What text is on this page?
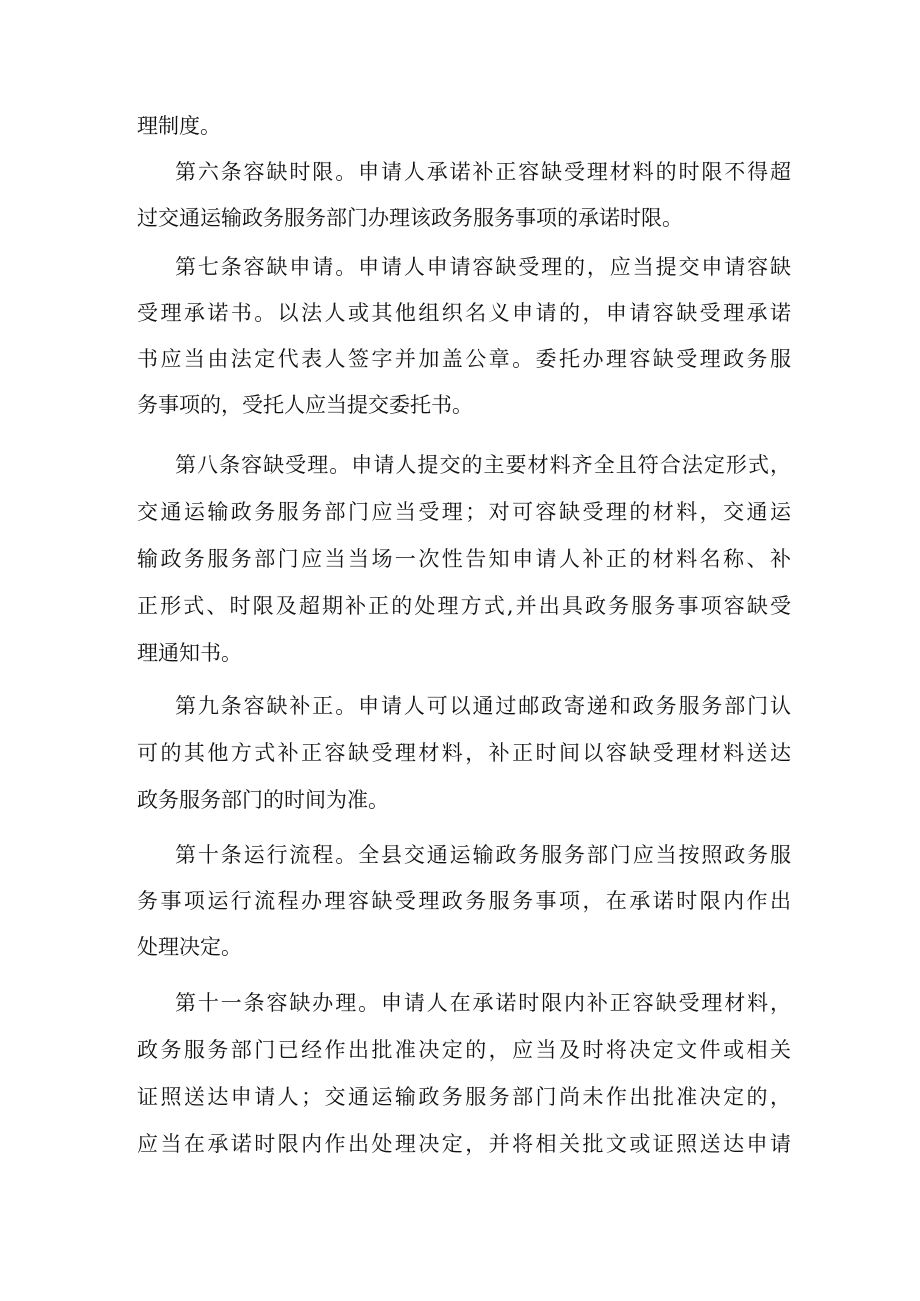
理制度。
第六条容缺时限。申请人承诺补正容缺受理材料的时限不得超
过交通运输政务服务部门办理该政务服务事项的承诺时限。
第七条容缺申请。申请人申请容缺受理的，应当提交申请容缺
受理承诺书。以法人或其他组织名义申请的，申请容缺受理承诺
书应当由法定代表人签字并加盖公章。委托办理容缺受理政务服
务事项的，受托人应当提交委托书。
第八条容缺受理。申请人提交的主要材料齐全且符合法定形式，
交通运输政务服务部门应当受理；对可容缺受理的材料，交通运
输政务服务部门应当当场一次性告知申请人补正的材料名称、补
正形式、时限及超期补正的处理方式,并出具政务服务事项容缺受
理通知书。
第九条容缺补正。申请人可以通过邮政寄递和政务服务部门认
可的其他方式补正容缺受理材料，补正时间以容缺受理材料送达
政务服务部门的时间为准。
第十条运行流程。全县交通运输政务服务部门应当按照政务服
务事项运行流程办理容缺受理政务服务事项，在承诺时限内作出
处理决定。
第十一条容缺办理。申请人在承诺时限内补正容缺受理材料，
政务服务部门已经作出批准决定的，应当及时将决定文件或相关
证照送达申请人；交通运输政务服务部门尚未作出批准决定的，
应当在承诺时限内作出处理决定，并将相关批文或证照送达申请
